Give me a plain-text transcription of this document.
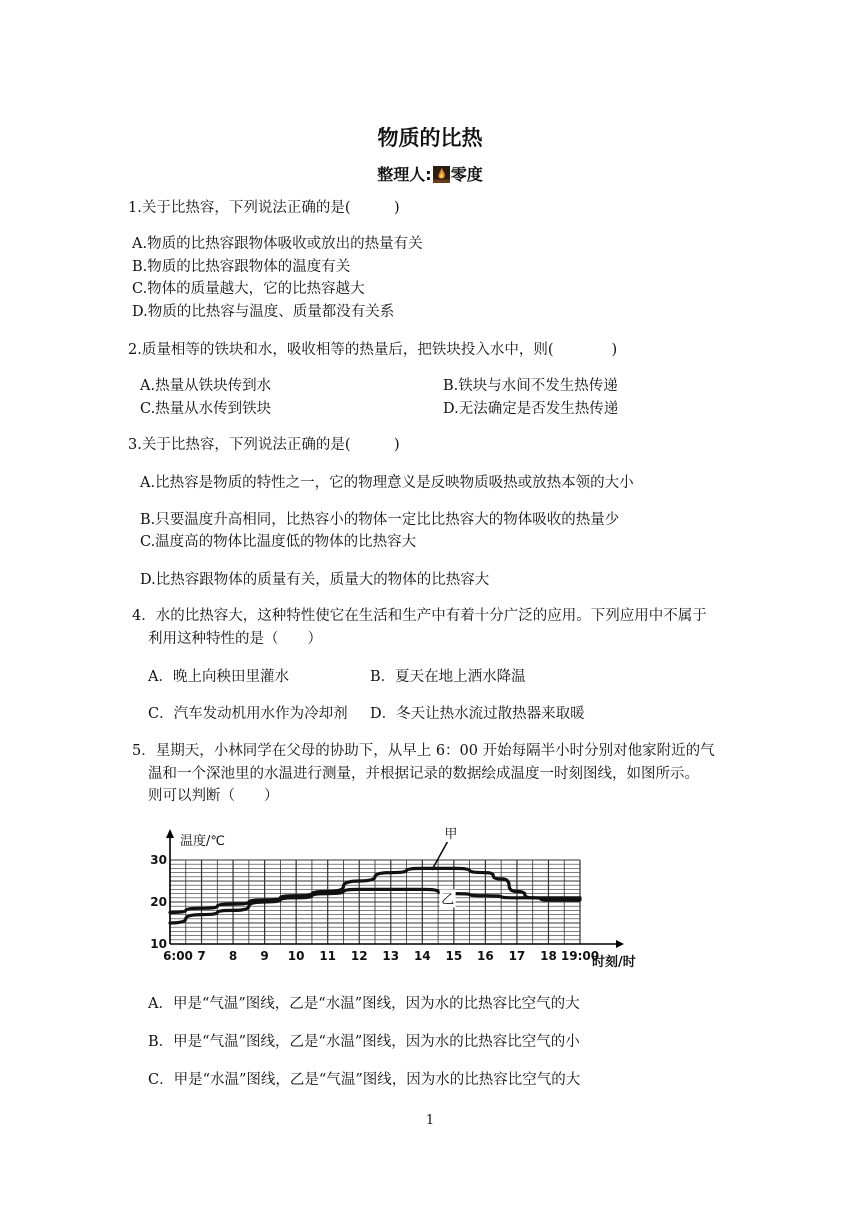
物质的比热
整理人: 零度
1.关于比热容，下列说法正确的是(　　　)
A.物质的比热容跟物体吸收或放出的热量有关
B.物质的比热容跟物体的温度有关
C.物体的质量越大，它的比热容越大
D.物质的比热容与温度、质量都没有关系
2.质量相等的铁块和水，吸收相等的热量后，把铁块投入水中，则(　　　　)
A.热量从铁块传到水	B.铁块与水间不发生热传递
C.热量从水传到铁块	D.无法确定是否发生热传递
3.关于比热容，下列说法正确的是(　　　)
A.比热容是物质的特性之一，它的物理意义是反映物质吸热或放热本领的大小
B.只要温度升高相同，比热容小的物体一定比比热容大的物体吸收的热量少
C.温度高的物体比温度低的物体的比热容大
D.比热容跟物体的质量有关，质量大的物体的比热容大
4．水的比热容大，这种特性使它在生活和生产中有着十分广泛的应用。下列应用中不属于
利用这种特性的是（　　）
A．晚上向秧田里灌水	B．夏天在地上洒水降温
C．汽车发动机用水作为冷却剂 D．冬天让热水流过散热器来取暖
5．星期天，小林同学在父母的协助下，从早上 6：00 开始每隔半小时分别对他家附近的气
温和一个深池里的水温进行测量，并根据记录的数据绘成温度一时刻图线，如图所示。
则可以判断（　　）
6:00 7 8 9 10 11 12 13 14 15 16 17 18 19:00
10
20
30
温度/℃
时刻/时
甲
乙
A．甲是“气温”图线，乙是“水温”图线，因为水的比热容比空气的大
B．甲是“气温”图线，乙是“水温”图线，因为水的比热容比空气的小
C．甲是“水温”图线，乙是“气温”图线，因为水的比热容比空气的大
1
